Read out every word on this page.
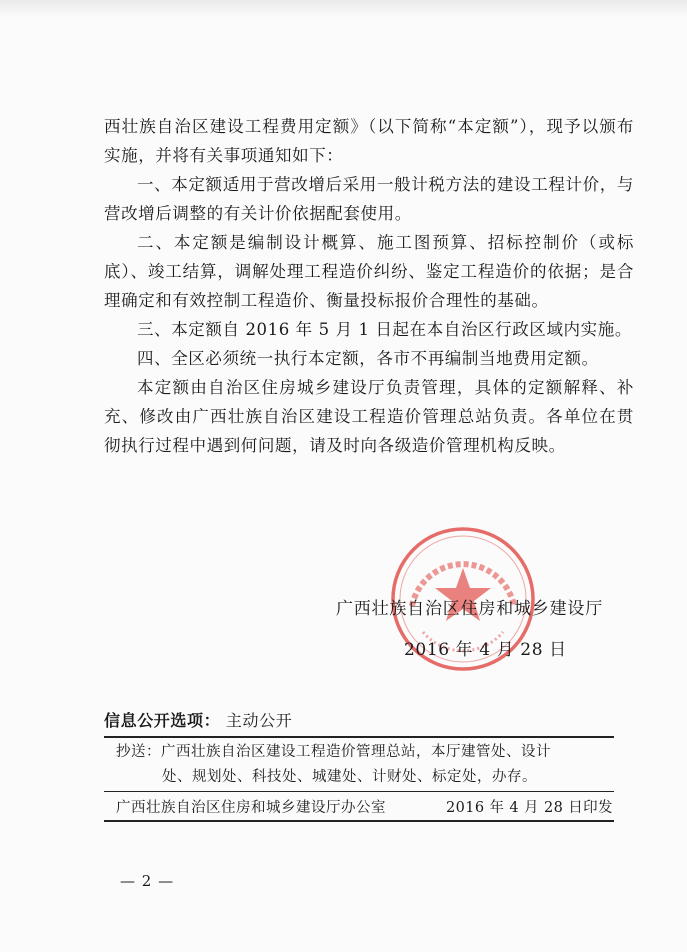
西壮族自治区建设工程费用定额》（以下简称“本定额”），现予以颁布实施，并将有关事项通知如下：

一、本定额适用于营改增后采用一般计税方法的建设工程计价，与营改增后调整的有关计价依据配套使用。

二、本定额是编制设计概算、施工图预算、招标控制价（或标底）、竣工结算，调解处理工程造价纠纷、鉴定工程造价的依据；是合理确定和有效控制工程造价、衡量投标报价合理性的基础。

三、本定额自 2016 年 5 月 1 日起在本自治区行政区域内实施。

四、全区必须统一执行本定额，各市不再编制当地费用定额。

本定额由自治区住房城乡建设厅负责管理，具体的定额解释、补充、修改由广西壮族自治区建设工程造价管理总站负责。各单位在贯彻执行过程中遇到何问题，请及时向各级造价管理机构反映。

广西壮族自治区住房和城乡建设厅
2016 年 4 月 28 日
信息公开选项： 主动公开

抄送：广西壮族自治区建设工程造价管理总站，本厅建管处、设计

处、规划处、科技处、城建处、计财处、标定处，办存。

广西壮族自治区住房和城乡建设厅办公室	2016 年 4 月 28 日印发
— 2 —
